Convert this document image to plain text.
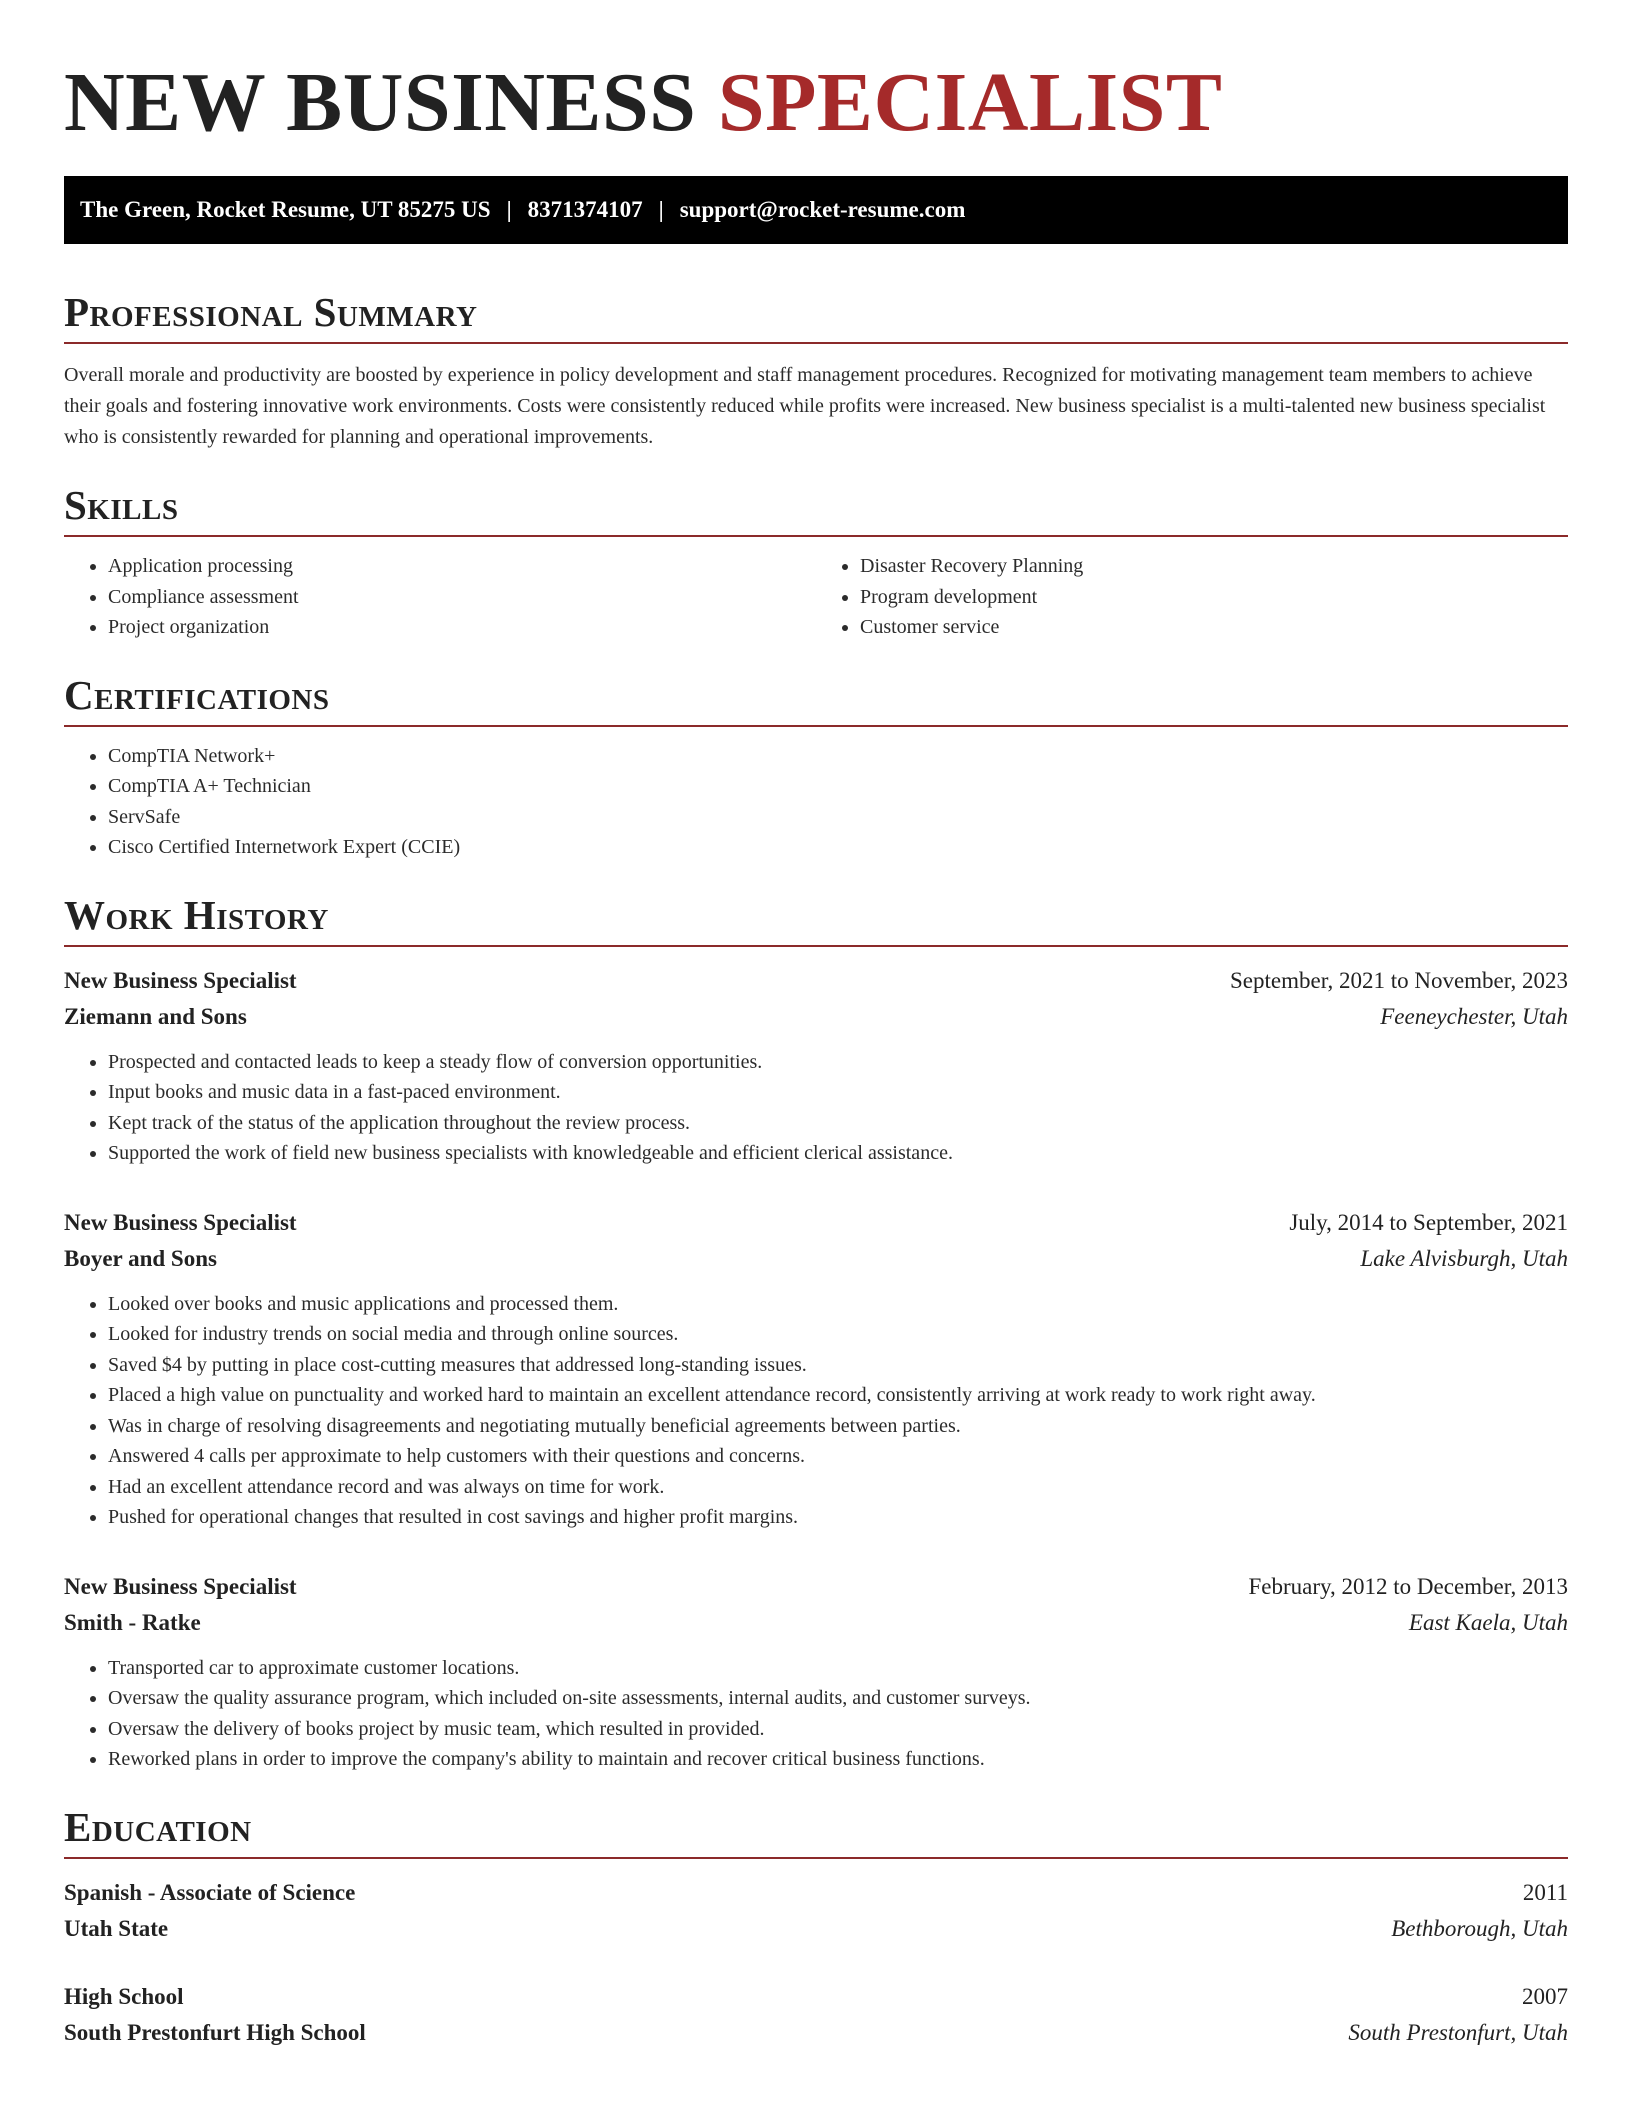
NEW BUSINESS SPECIALIST
The Green, Rocket Resume, UT 85275 US | 8371374107 | support@rocket-resume.com
Professional Summary

Overall morale and productivity are boosted by experience in policy development and staff management procedures. Recognized for motivating management team members to achieve their goals and fostering innovative work environments. Costs were consistently reduced while profits were increased. New business specialist is a multi-talented new business specialist who is consistently rewarded for planning and operational improvements.

Skills
• Application processing
• Compliance assessment
• Project organization
• Disaster Recovery Planning
• Program development
• Customer service
Certifications
• CompTIA Network+
• CompTIA A+ Technician
• ServSafe
• Cisco Certified Internetwork Expert (CCIE)
Work History
New Business Specialist	September, 2021 to November, 2023
Ziemann and Sons	Feeneychester, Utah
• Prospected and contacted leads to keep a steady flow of conversion opportunities.
• Input books and music data in a fast-paced environment.
• Kept track of the status of the application throughout the review process.
• Supported the work of field new business specialists with knowledgeable and efficient clerical assistance.
New Business Specialist	July, 2014 to September, 2021
Boyer and Sons	Lake Alvisburgh, Utah
• Looked over books and music applications and processed them.
• Looked for industry trends on social media and through online sources.
• Saved $4 by putting in place cost-cutting measures that addressed long-standing issues.
• Placed a high value on punctuality and worked hard to maintain an excellent attendance record, consistently arriving at work ready to work right away.
• Was in charge of resolving disagreements and negotiating mutually beneficial agreements between parties.
• Answered 4 calls per approximate to help customers with their questions and concerns.
• Had an excellent attendance record and was always on time for work.
• Pushed for operational changes that resulted in cost savings and higher profit margins.
New Business Specialist	February, 2012 to December, 2013
Smith - Ratke	East Kaela, Utah
• Transported car to approximate customer locations.
• Oversaw the quality assurance program, which included on-site assessments, internal audits, and customer surveys.
• Oversaw the delivery of books project by music team, which resulted in provided.
• Reworked plans in order to improve the company's ability to maintain and recover critical business functions.
Education
Spanish - Associate of Science	2011
Utah State	Bethborough, Utah
High School	2007
South Prestonfurt High School	South Prestonfurt, Utah
